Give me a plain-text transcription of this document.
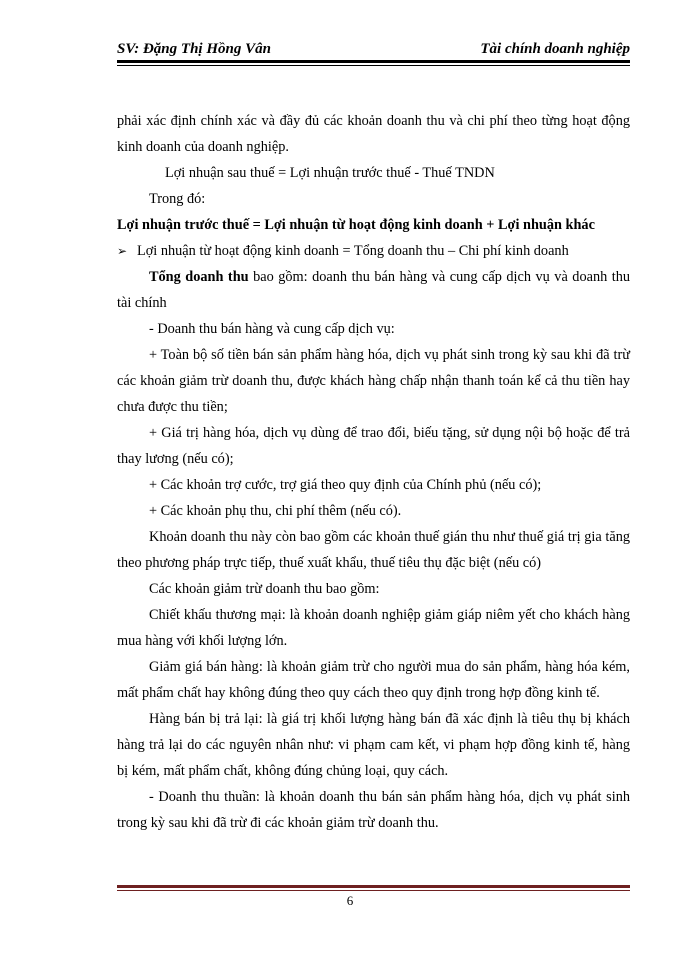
SV: Đặng Thị Hồng Vân	Tài chính doanh nghiệp

phải xác định chính xác và đầy đủ các khoản doanh thu và chi phí theo từng hoạt động kinh doanh của doanh nghiệp.

Lợi nhuận sau thuế = Lợi nhuận trước thuế - Thuế TNDN

Trong đó:

Lợi nhuận trước thuế = Lợi nhuận từ hoạt động kinh doanh + Lợi nhuận khác

➢ Lợi nhuận từ hoạt động kinh doanh = Tổng doanh thu – Chi phí kinh doanh

Tổng doanh thu bao gồm: doanh thu bán hàng và cung cấp dịch vụ và doanh thu tài chính

- Doanh thu bán hàng và cung cấp dịch vụ:

+ Toàn bộ số tiền bán sản phẩm hàng hóa, dịch vụ phát sinh trong kỳ sau khi đã trừ các khoản giảm trừ doanh thu, được khách hàng chấp nhận thanh toán kể cả thu tiền hay chưa được thu tiền;

+ Giá trị hàng hóa, dịch vụ dùng để trao đổi, biếu tặng, sử dụng nội bộ hoặc để trả thay lương (nếu có);

+ Các khoản trợ cước, trợ giá theo quy định của Chính phủ (nếu có);

+ Các khoản phụ thu, chi phí thêm (nếu có).

Khoản doanh thu này còn bao gồm các khoản thuế gián thu như thuế giá trị gia tăng theo phương pháp trực tiếp, thuế xuất khẩu, thuế tiêu thụ đặc biệt (nếu có)

Các khoản giảm trừ doanh thu bao gồm:

Chiết khấu thương mại: là khoản doanh nghiệp giảm giáp niêm yết cho khách hàng mua hàng với khối lượng lớn.

Giảm giá bán hàng: là khoản giảm trừ cho người mua do sản phẩm, hàng hóa kém, mất phẩm chất hay không đúng theo quy cách theo quy định trong hợp đồng kinh tế.

Hàng bán bị trả lại: là giá trị khối lượng hàng bán đã xác định là tiêu thụ bị khách hàng trả lại do các nguyên nhân như: vi phạm cam kết, vi phạm hợp đồng kinh tế, hàng bị kém, mất phẩm chất, không đúng chủng loại, quy cách.

- Doanh thu thuần: là khoản doanh thu bán sản phẩm hàng hóa, dịch vụ phát sinh trong kỳ sau khi đã trừ đi các khoản giảm trừ doanh thu.

6
